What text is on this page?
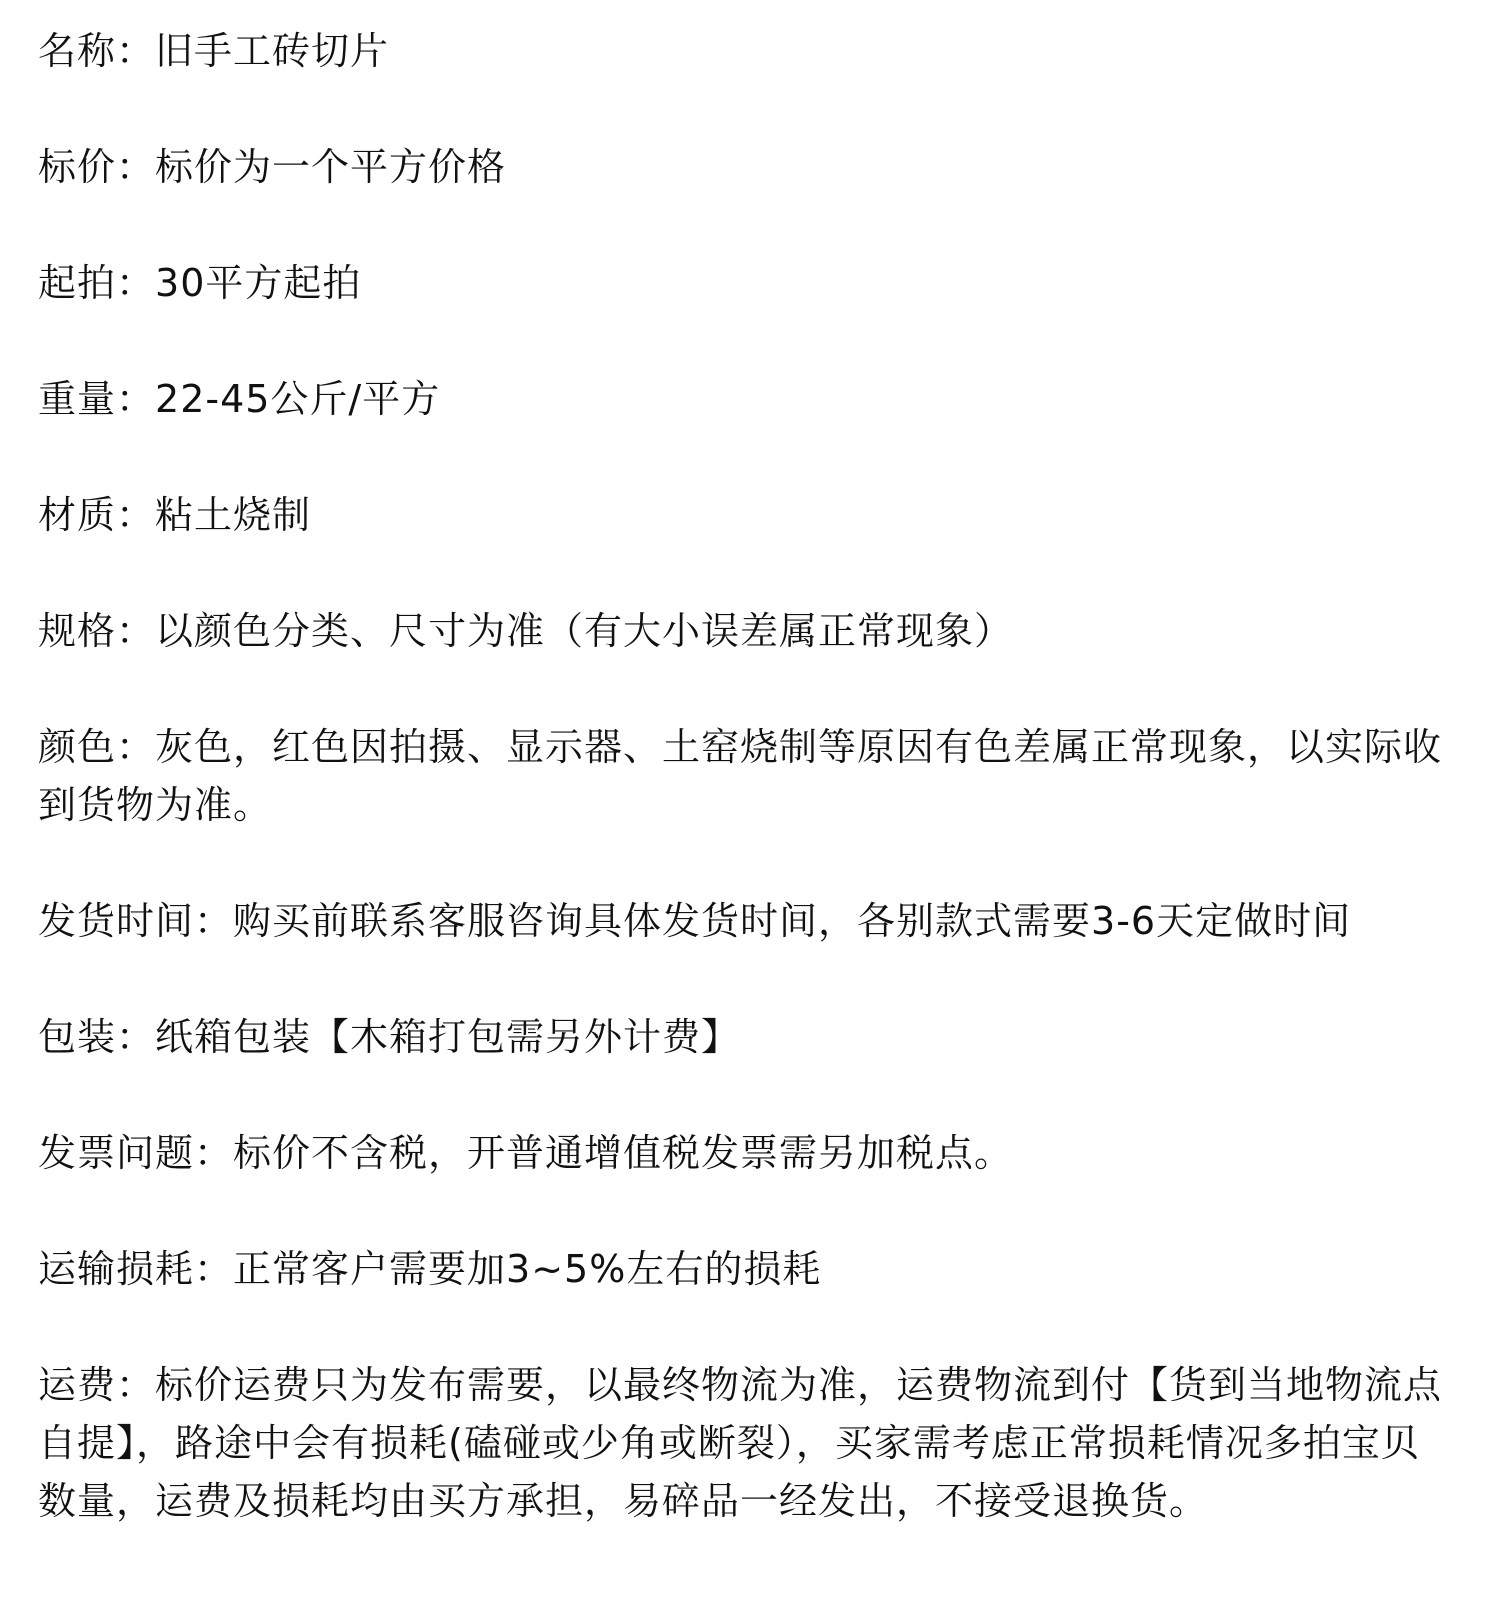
名称：旧手工砖切片
标价：标价为一个平方价格
起拍：30平方起拍
重量：22-45公斤/平方
材质：粘土烧制
规格：以颜色分类、尺寸为准（有大小误差属正常现象）
颜色：灰色，红色因拍摄、显示器、土窑烧制等原因有色差属正常现象，以实际收到货物为准。
发货时间：购买前联系客服咨询具体发货时间，各别款式需要3-6天定做时间
包装：纸箱包装【木箱打包需另外计费】
发票问题：标价不含税，开普通增值税发票需另加税点。
运输损耗：正常客户需要加3~5%左右的损耗
运费：标价运费只为发布需要，以最终物流为准，运费物流到付【货到当地物流点自提】，路途中会有损耗(磕碰或少角或断裂），买家需考虑正常损耗情况多拍宝贝数量，运费及损耗均由买方承担，易碎品一经发出，不接受退换货。
